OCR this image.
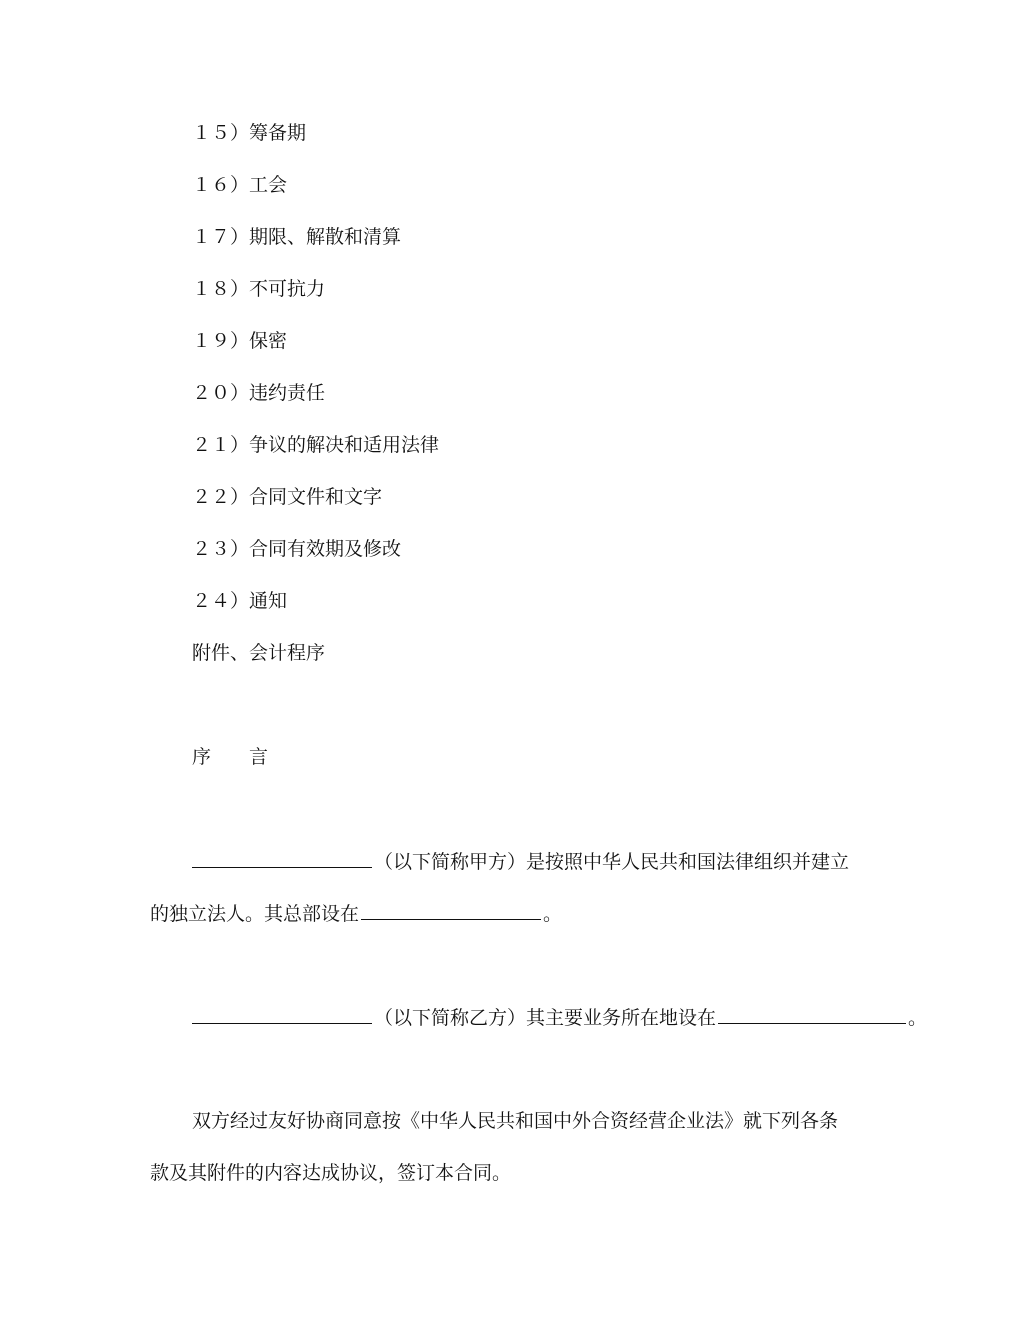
１５）筹备期
１６）工会
１７）期限、解散和清算
１８）不可抗力
１９）保密
２０）违约责任
２１）争议的解决和适用法律
２２）合同文件和文字
２３）合同有效期及修改
２４）通知
附件、会计程序
序　　言
（以下简称甲方）是按照中华人民共和国法律组织并建立
的独立法人。其总部设在	。
（以下简称乙方）其主要业务所在地设在	。
双方经过友好协商同意按《中华人民共和国中外合资经营企业法》就下列各条
款及其附件的内容达成协议，签订本合同。
